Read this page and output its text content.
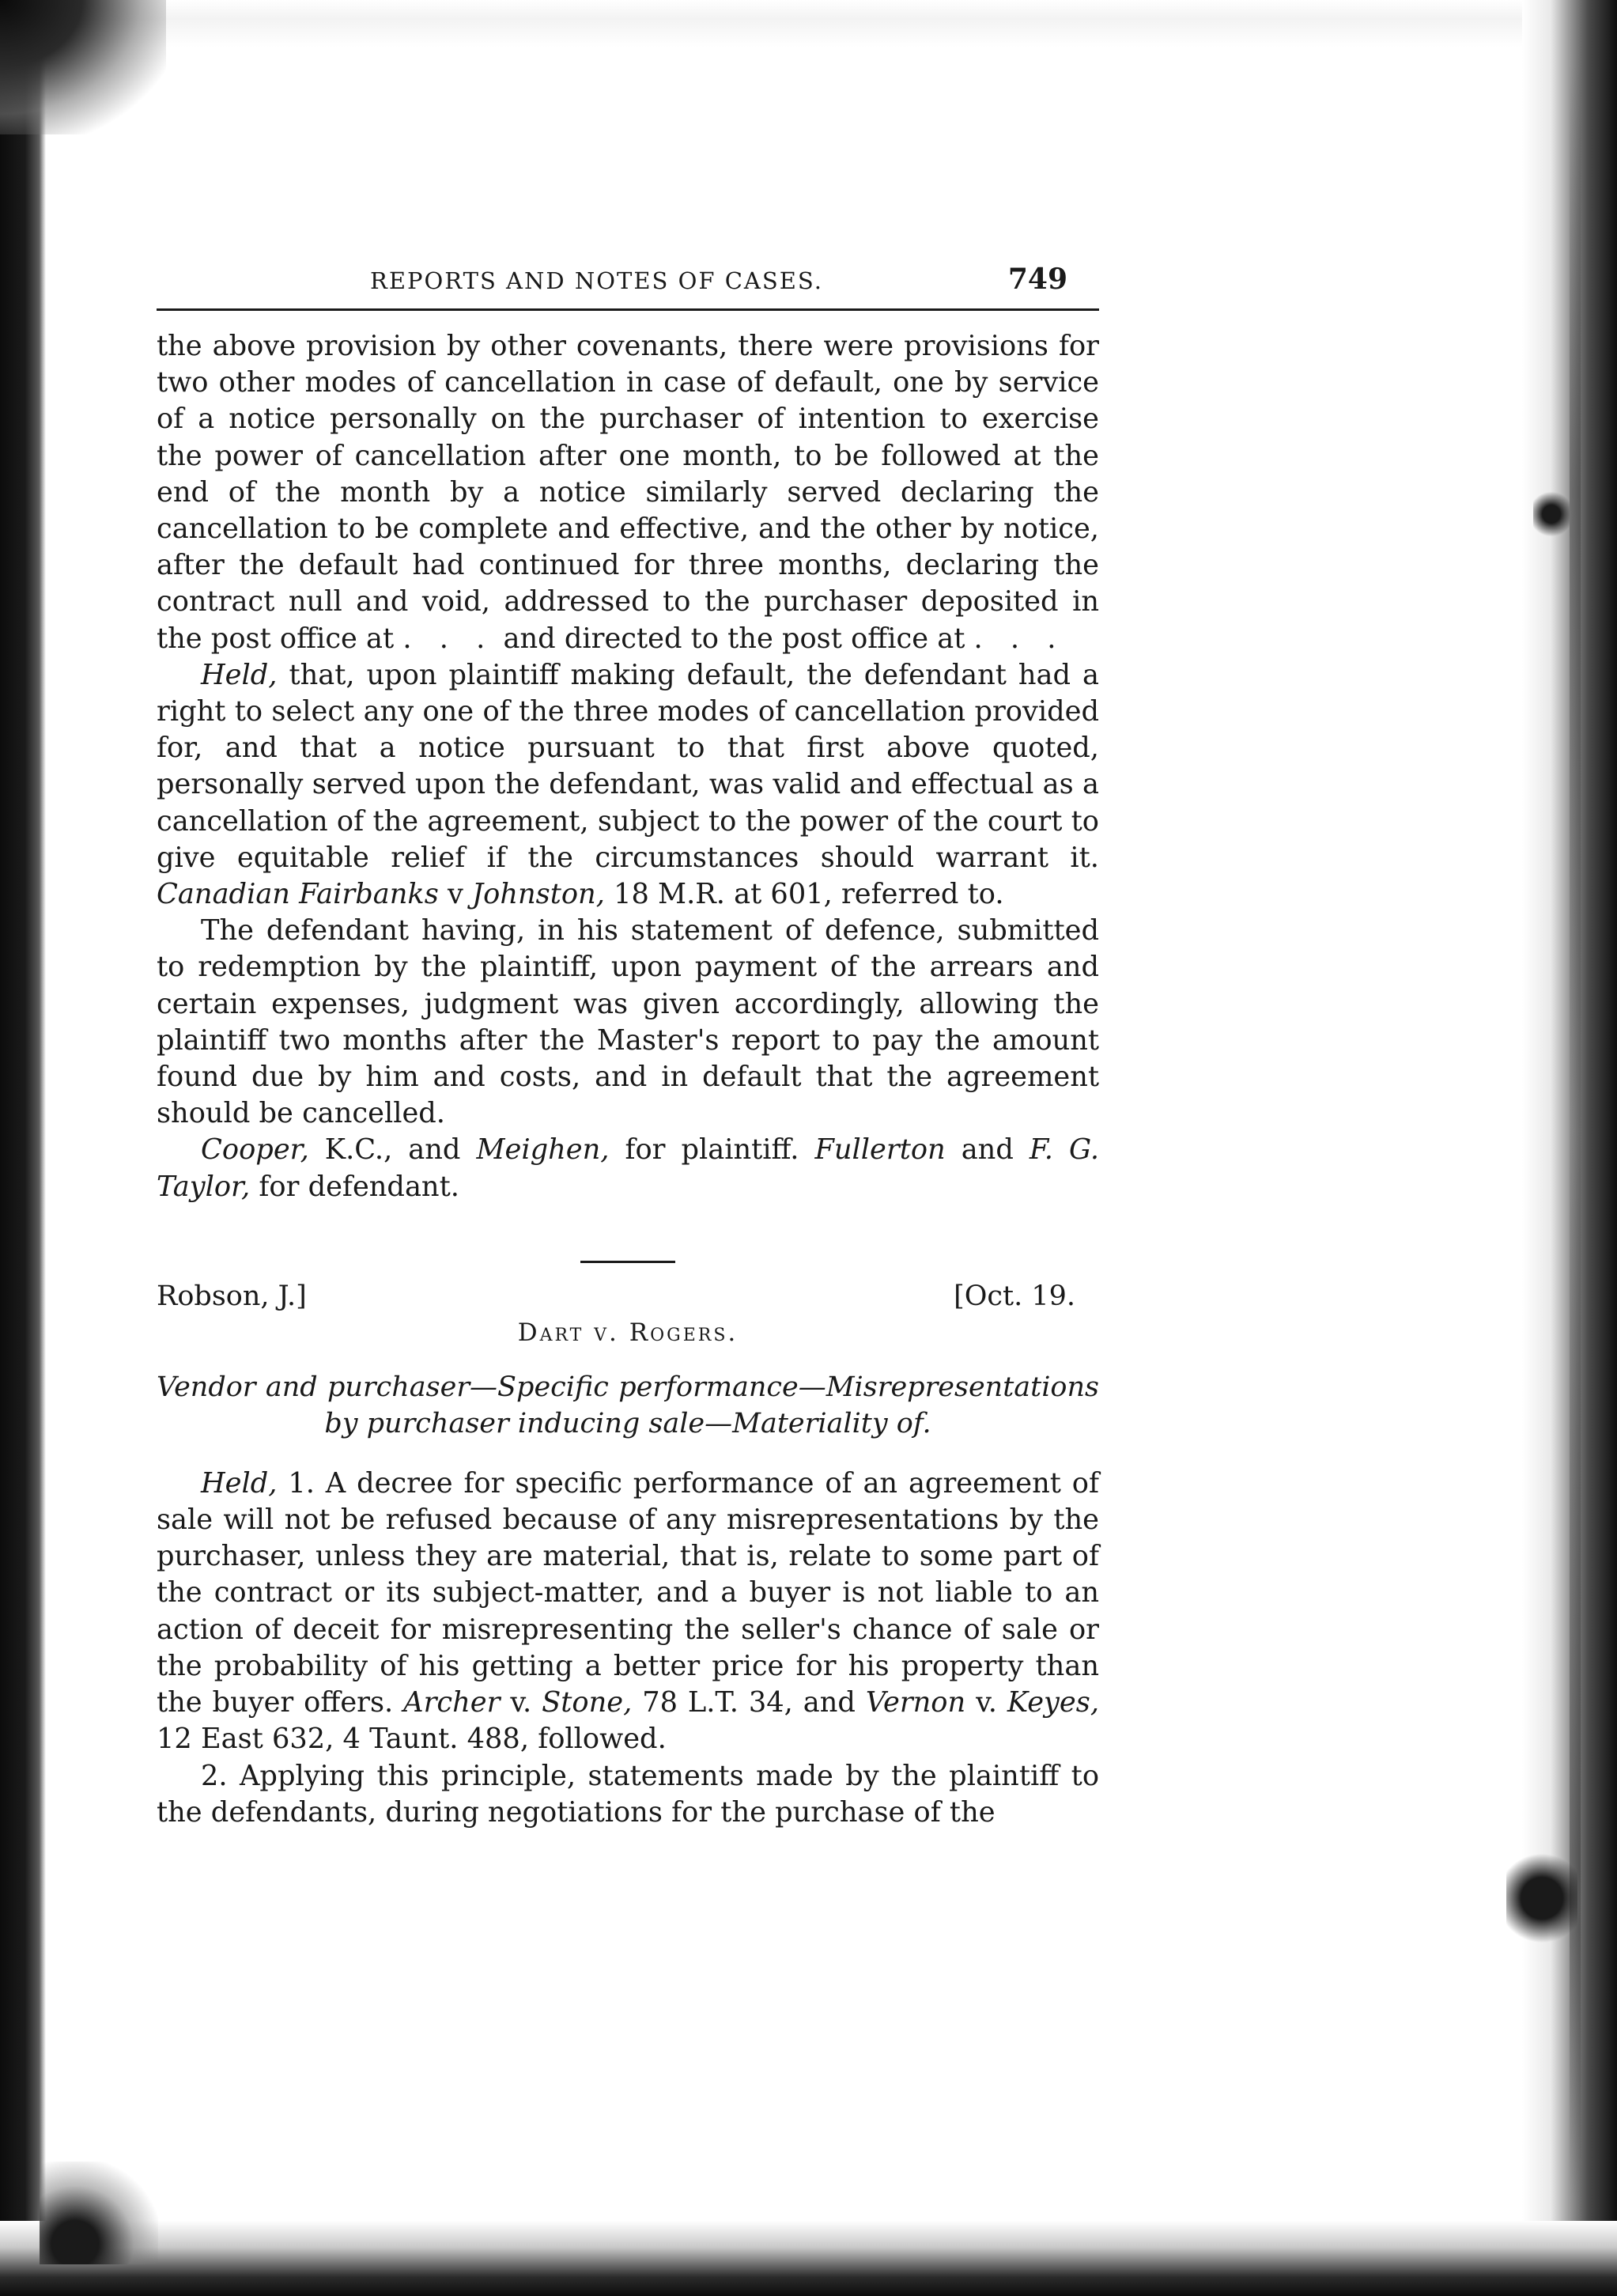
REPORTS AND NOTES OF CASES.	749

the above provision by other covenants, there were provisions for two other modes of cancellation in case of default, one by service of a notice personally on the purchaser of intention to exercise the power of cancellation after one month, to be followed at the end of the month by a notice similarly served declaring the cancellation to be complete and effective, and the other by notice, after the default had continued for three months, declaring the contract null and void, addressed to the purchaser deposited in the post office at . . . and directed to the post office at . . .

Held, that, upon plaintiff making default, the defendant had a right to select any one of the three modes of cancellation provided for, and that a notice pursuant to that first above quoted, personally served upon the defendant, was valid and effectual as a cancellation of the agreement, subject to the power of the court to give equitable relief if the circumstances should warrant it. Canadian Fairbanks v Johnston, 18 M.R. at 601, referred to.

The defendant having, in his statement of defence, submitted to redemption by the plaintiff, upon payment of the arrears and certain expenses, judgment was given accordingly, allowing the plaintiff two months after the Master's report to pay the amount found due by him and costs, and in default that the agreement should be cancelled.

Cooper, K.C., and Meighen, for plaintiff. Fullerton and F. G. Taylor, for defendant.

Robson, J.]	[Oct. 19.
Dart v. Rogers.
Vendor and purchaser—Specific performance—Misrepresentations by purchaser inducing sale—Materiality of.

Held, 1. A decree for specific performance of an agreement of sale will not be refused because of any misrepresentations by the purchaser, unless they are material, that is, relate to some part of the contract or its subject-matter, and a buyer is not liable to an action of deceit for misrepresenting the seller's chance of sale or the probability of his getting a better price for his property than the buyer offers. Archer v. Stone, 78 L.T. 34, and Vernon v. Keyes, 12 East 632, 4 Taunt. 488, followed.

2. Applying this principle, statements made by the plaintiff to the defendants, during negotiations for the purchase of the
